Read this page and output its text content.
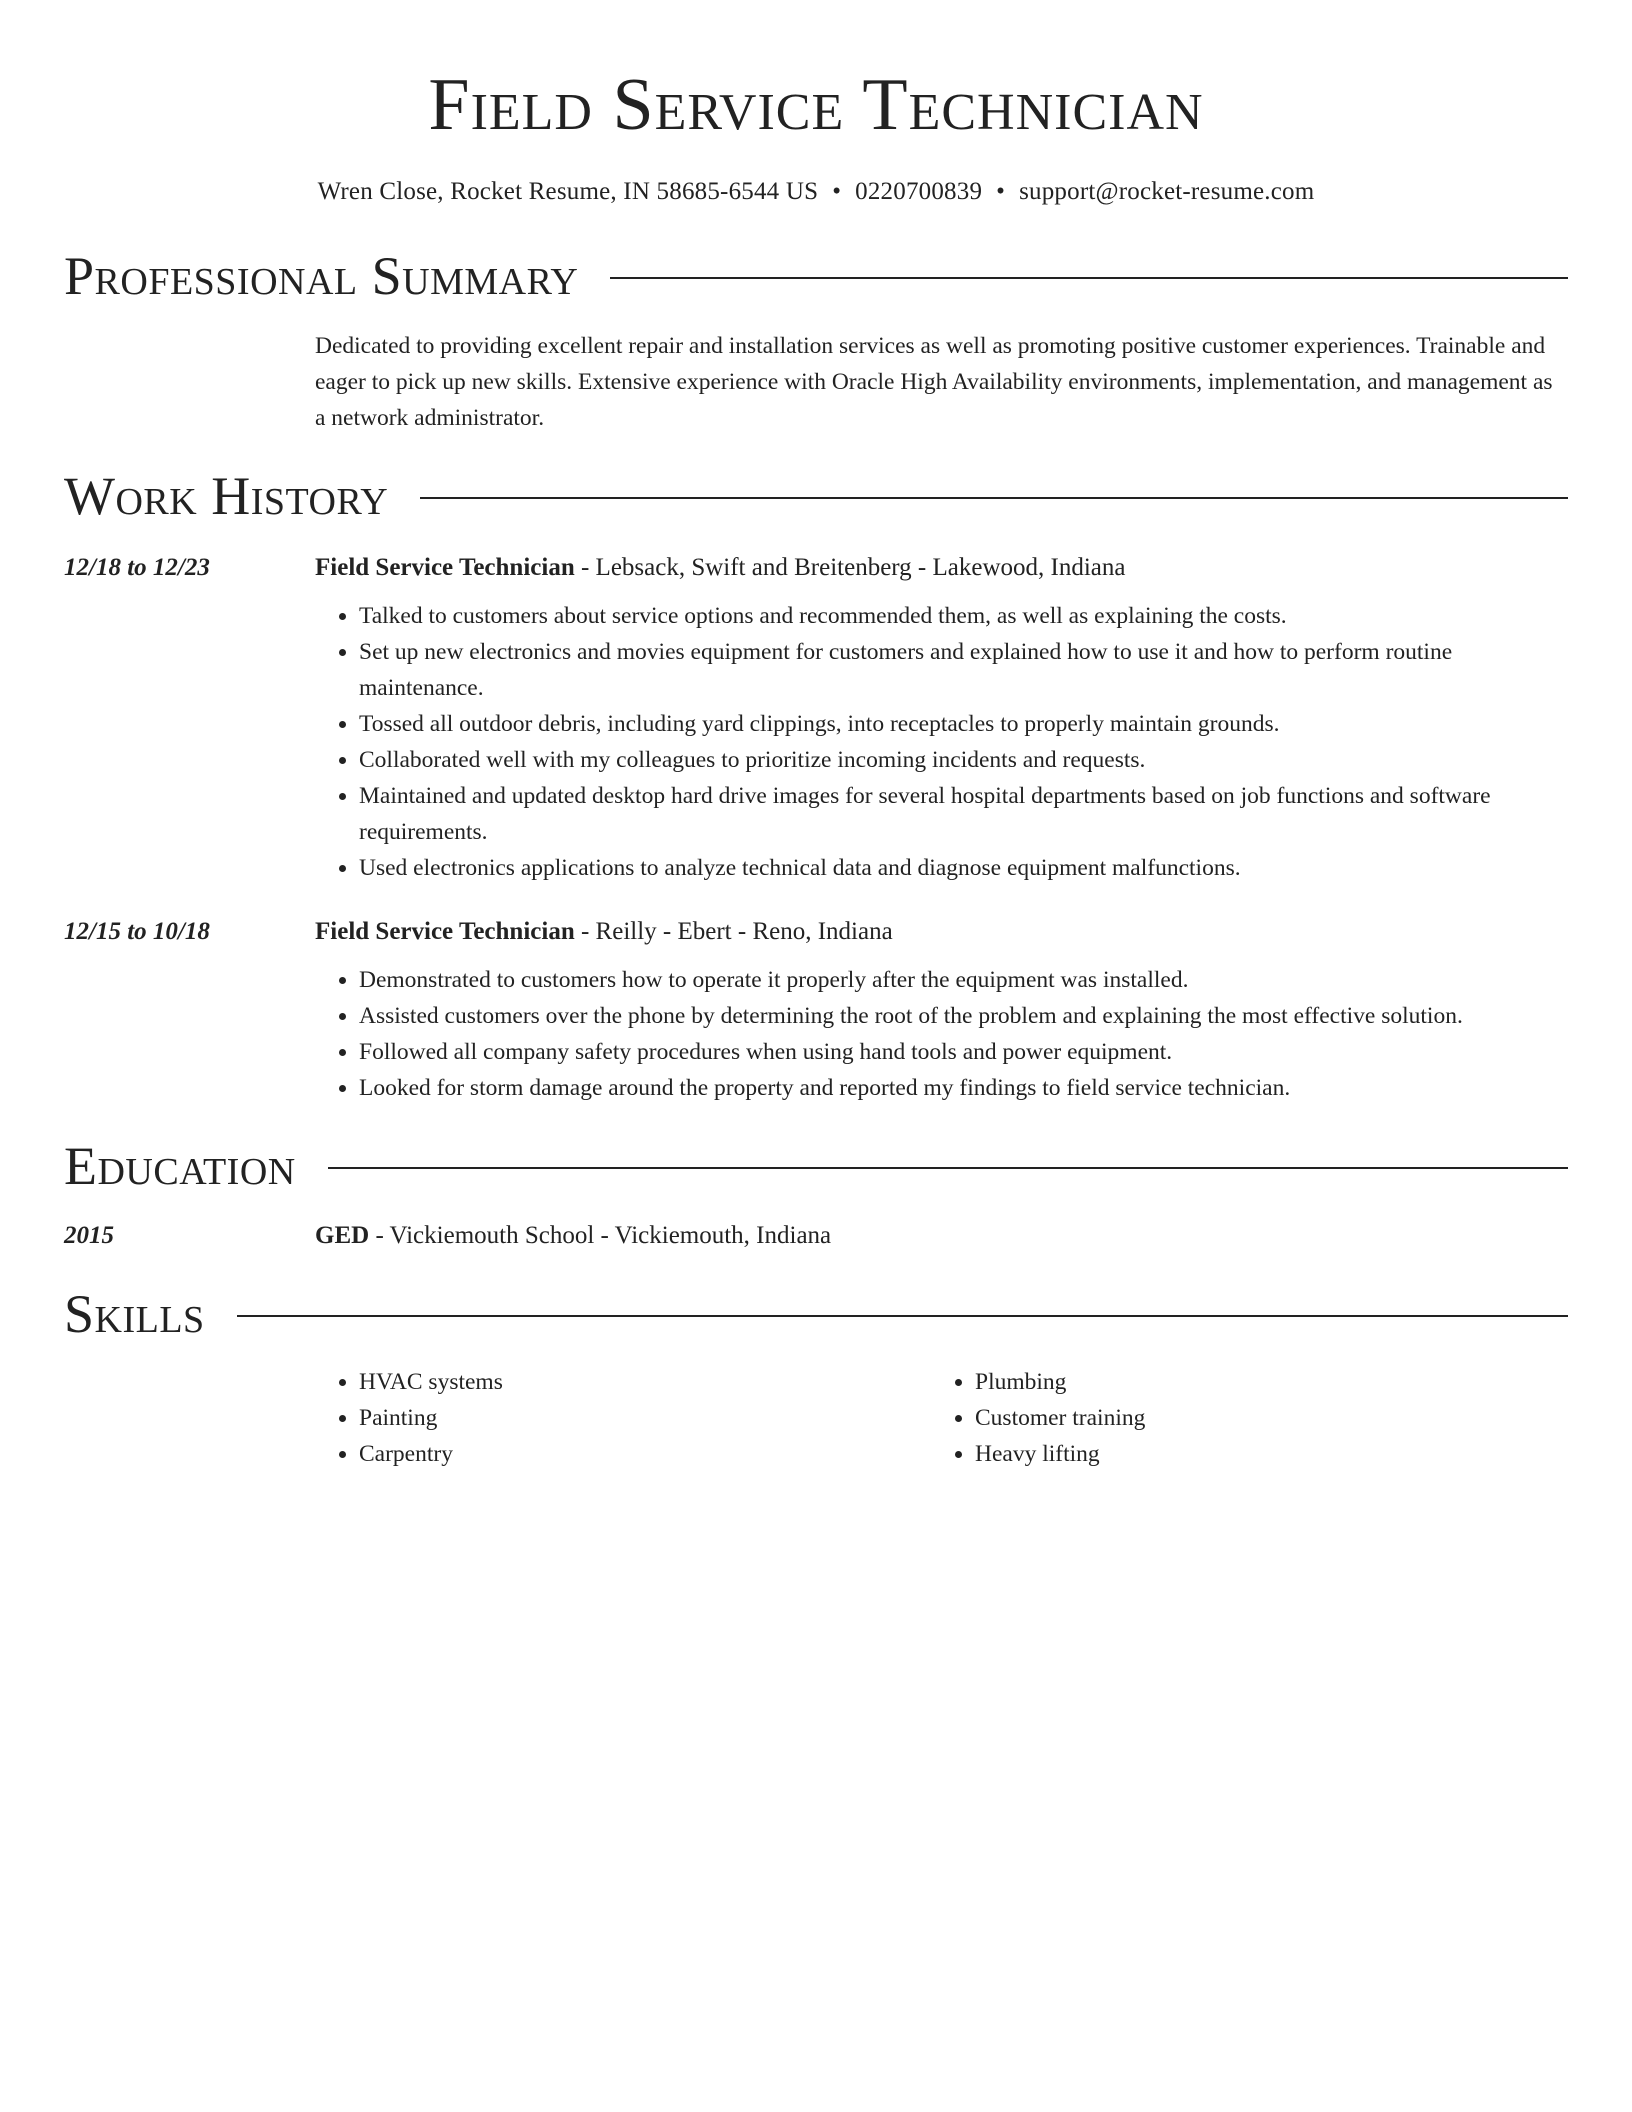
Field Service Technician
Wren Close, Rocket Resume, IN 58685-6544 US • 0220700839 • support@rocket-resume.com
Professional Summary
Dedicated to providing excellent repair and installation services as well as promoting positive customer experiences. Trainable and eager to pick up new skills. Extensive experience with Oracle High Availability environments, implementation, and management as a network administrator.
Work History
12/18 to 12/23	Field Service Technician - Lebsack, Swift and Breitenberg - Lakewood, Indiana
• Talked to customers about service options and recommended them, as well as explaining the costs.
• Set up new electronics and movies equipment for customers and explained how to use it and how to perform routine maintenance.
• Tossed all outdoor debris, including yard clippings, into receptacles to properly maintain grounds.
• Collaborated well with my colleagues to prioritize incoming incidents and requests.
• Maintained and updated desktop hard drive images for several hospital departments based on job functions and software requirements.
• Used electronics applications to analyze technical data and diagnose equipment malfunctions.
12/15 to 10/18	Field Service Technician - Reilly - Ebert - Reno, Indiana
• Demonstrated to customers how to operate it properly after the equipment was installed.
• Assisted customers over the phone by determining the root of the problem and explaining the most effective solution.
• Followed all company safety procedures when using hand tools and power equipment.
• Looked for storm damage around the property and reported my findings to field service technician.
Education
2015	GED - Vickiemouth School - Vickiemouth, Indiana
Skills
• HVAC systems
• Painting
• Carpentry
• Plumbing
• Customer training
• Heavy lifting
